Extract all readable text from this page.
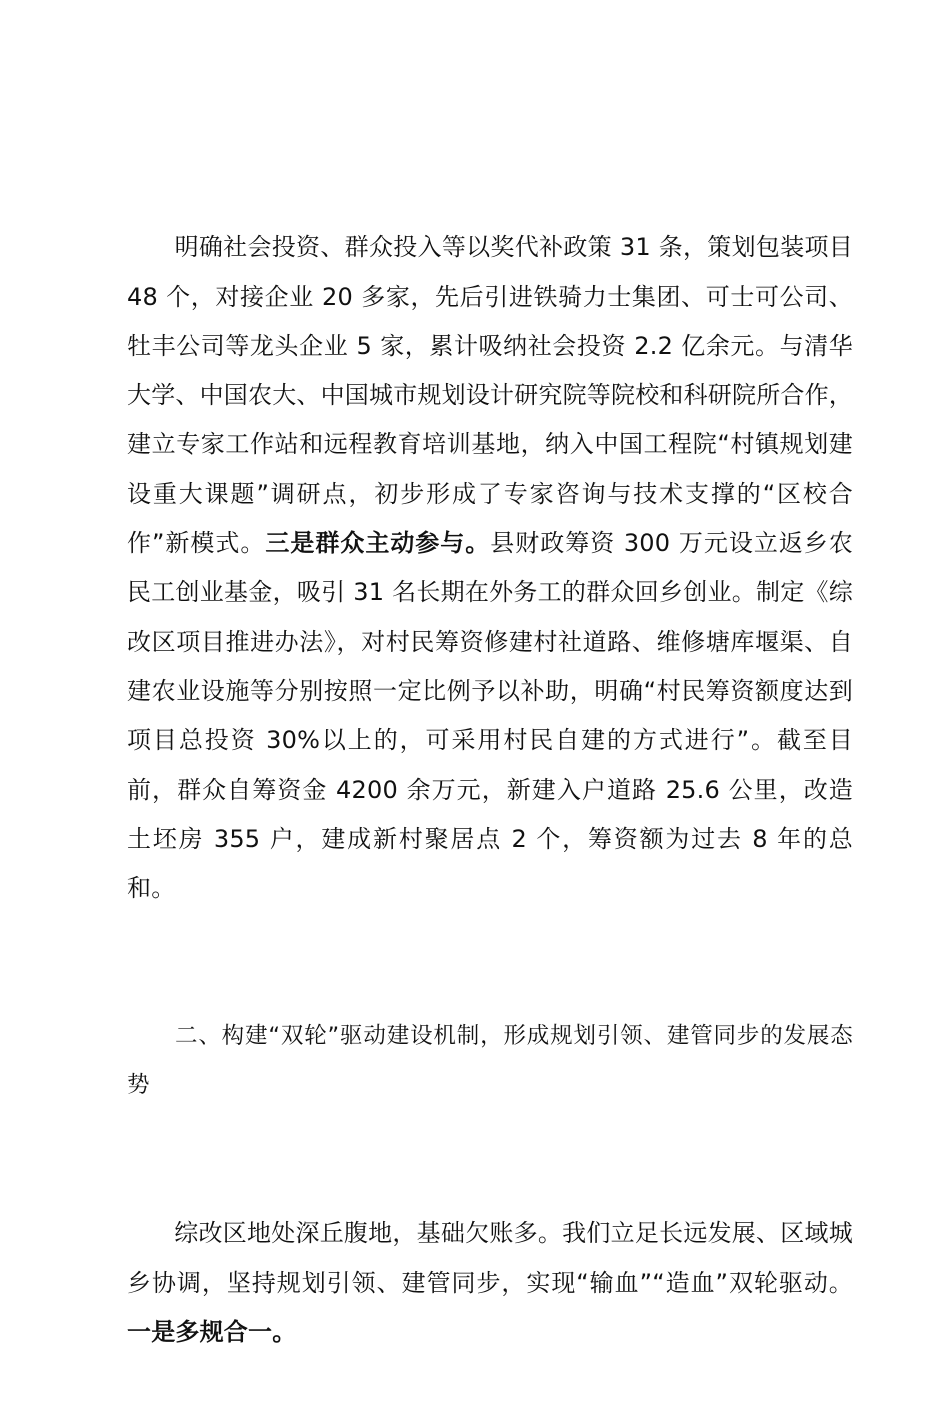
明确社会投资、群众投入等以奖代补政策 31 条，策划包装项目 48 个，对接企业 20 多家，先后引进铁骑力士集团、可士可公司、牡丰公司等龙头企业 5 家，累计吸纳社会投资 2.2 亿余元。与清华大学、中国农大、中国城市规划设计研究院等院校和科研院所合作，建立专家工作站和远程教育培训基地，纳入中国工程院“村镇规划建设重大课题”调研点，初步形成了专家咨询与技术支撑的“区校合作”新模式。三是群众主动参与。县财政筹资 300 万元设立返乡农民工创业基金，吸引 31 名长期在外务工的群众回乡创业。制定《综改区项目推进办法》，对村民筹资修建村社道路、维修塘库堰渠、自建农业设施等分别按照一定比例予以补助，明确“村民筹资额度达到项目总投资 30%以上的，可采用村民自建的方式进行”。截至目前，群众自筹资金 4200 余万元，新建入户道路 25.6 公里，改造土坯房 355 户，建成新村聚居点 2 个，筹资额为过去 8 年的总和。

二、构建“双轮”驱动建设机制，形成规划引领、建管同步的发展态势

综改区地处深丘腹地，基础欠账多。我们立足长远发展、区域城乡协调，坚持规划引领、建管同步，实现“输血”“造血”双轮驱动。一是多规合一。
